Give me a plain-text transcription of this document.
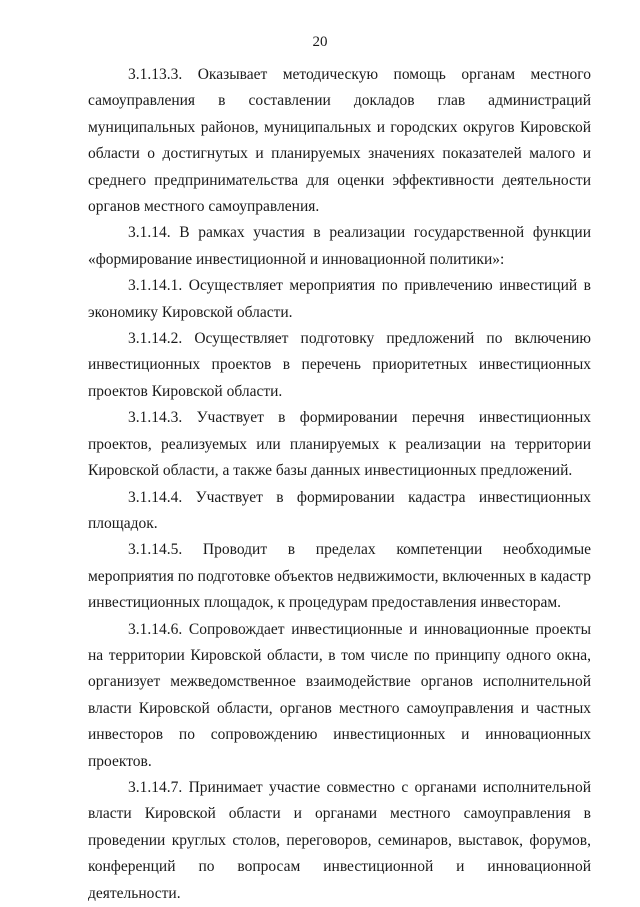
20

3.1.13.3. Оказывает методическую помощь органам местного самоуправления в составлении докладов глав администраций муниципальных районов, муниципальных и городских округов Кировской области о достигнутых и планируемых значениях показателей малого и среднего предпринимательства для оценки эффективности деятельности органов местного самоуправления.

3.1.14. В рамках участия в реализации государственной функции «формирование инвестиционной и инновационной политики»:

3.1.14.1. Осуществляет мероприятия по привлечению инвестиций в экономику Кировской области.

3.1.14.2. Осуществляет подготовку предложений по включению инвестиционных проектов в перечень приоритетных инвестиционных проектов Кировской области.

3.1.14.3. Участвует в формировании перечня инвестиционных проектов, реализуемых или планируемых к реализации на территории Кировской области, а также базы данных инвестиционных предложений.

3.1.14.4. Участвует в формировании кадастра инвестиционных площадок.

3.1.14.5. Проводит в пределах компетенции необходимые мероприятия по подготовке объектов недвижимости, включенных в кадастр инвестиционных площадок, к процедурам предоставления инвесторам.

3.1.14.6. Сопровождает инвестиционные и инновационные проекты на территории Кировской области, в том числе по принципу одного окна, организует межведомственное взаимодействие органов исполнительной власти Кировской области, органов местного самоуправления и частных инвесторов по сопровождению инвестиционных и инновационных проектов.

3.1.14.7. Принимает участие совместно с органами исполнительной власти Кировской области и органами местного самоуправления в проведении круглых столов, переговоров, семинаров, выставок, форумов, конференций по вопросам инвестиционной и инновационной деятельности.
